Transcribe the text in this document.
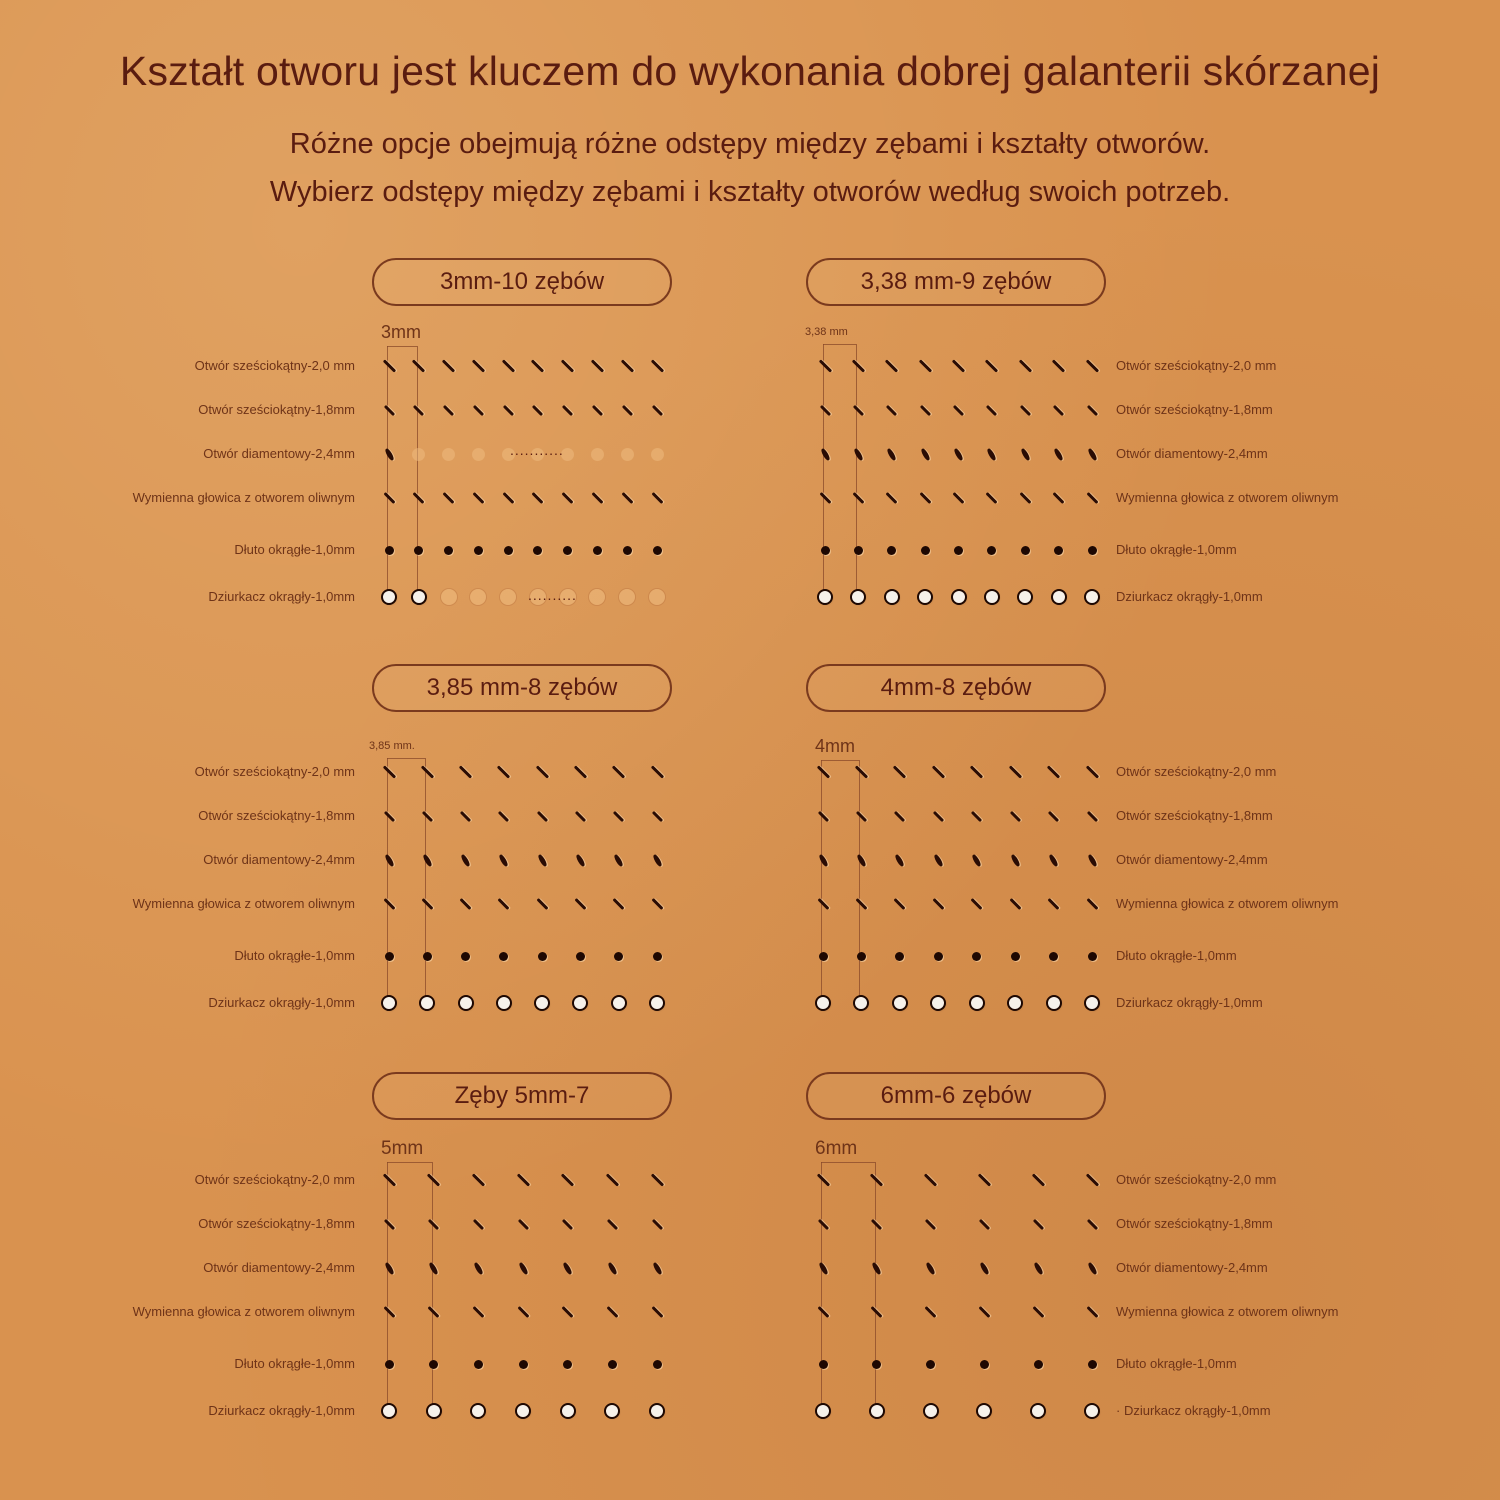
Kształt otworu jest kluczem do wykonania dobrej galanterii skórzanej
Różne opcje obejmują różne odstępy między zębami i kształty otworów.
Wybierz odstępy między zębami i kształty otworów według swoich potrzeb.
3mm-10 zębów
3mm
Otwór sześciokątny-2,0 mm
Otwór sześciokątny-1,8mm
Otwór diamentowy-2,4mm	...........
Wymienna głowica z otworem oliwnym
Dłuto okrągłe-1,0mm
Dziurkacz okrągły-1,0mm	..........
3,38 mm-9 zębów
3,38 mm
Otwór sześciokątny-2,0 mm
Otwór sześciokątny-1,8mm
Otwór diamentowy-2,4mm
Wymienna głowica z otworem oliwnym
Dłuto okrągłe-1,0mm
Dziurkacz okrągły-1,0mm
3,85 mm-8 zębów
3,85 mm.
Otwór sześciokątny-2,0 mm
Otwór sześciokątny-1,8mm
Otwór diamentowy-2,4mm
Wymienna głowica z otworem oliwnym
Dłuto okrągłe-1,0mm
Dziurkacz okrągły-1,0mm
4mm-8 zębów
4mm
Otwór sześciokątny-2,0 mm
Otwór sześciokątny-1,8mm
Otwór diamentowy-2,4mm
Wymienna głowica z otworem oliwnym
Dłuto okrągłe-1,0mm
Dziurkacz okrągły-1,0mm
Zęby 5mm-7
5mm
Otwór sześciokątny-2,0 mm
Otwór sześciokątny-1,8mm
Otwór diamentowy-2,4mm
Wymienna głowica z otworem oliwnym
Dłuto okrągłe-1,0mm
Dziurkacz okrągły-1,0mm
6mm-6 zębów
6mm
Otwór sześciokątny-2,0 mm
Otwór sześciokątny-1,8mm
Otwór diamentowy-2,4mm
Wymienna głowica z otworem oliwnym
Dłuto okrągłe-1,0mm
· Dziurkacz okrągły-1,0mm
